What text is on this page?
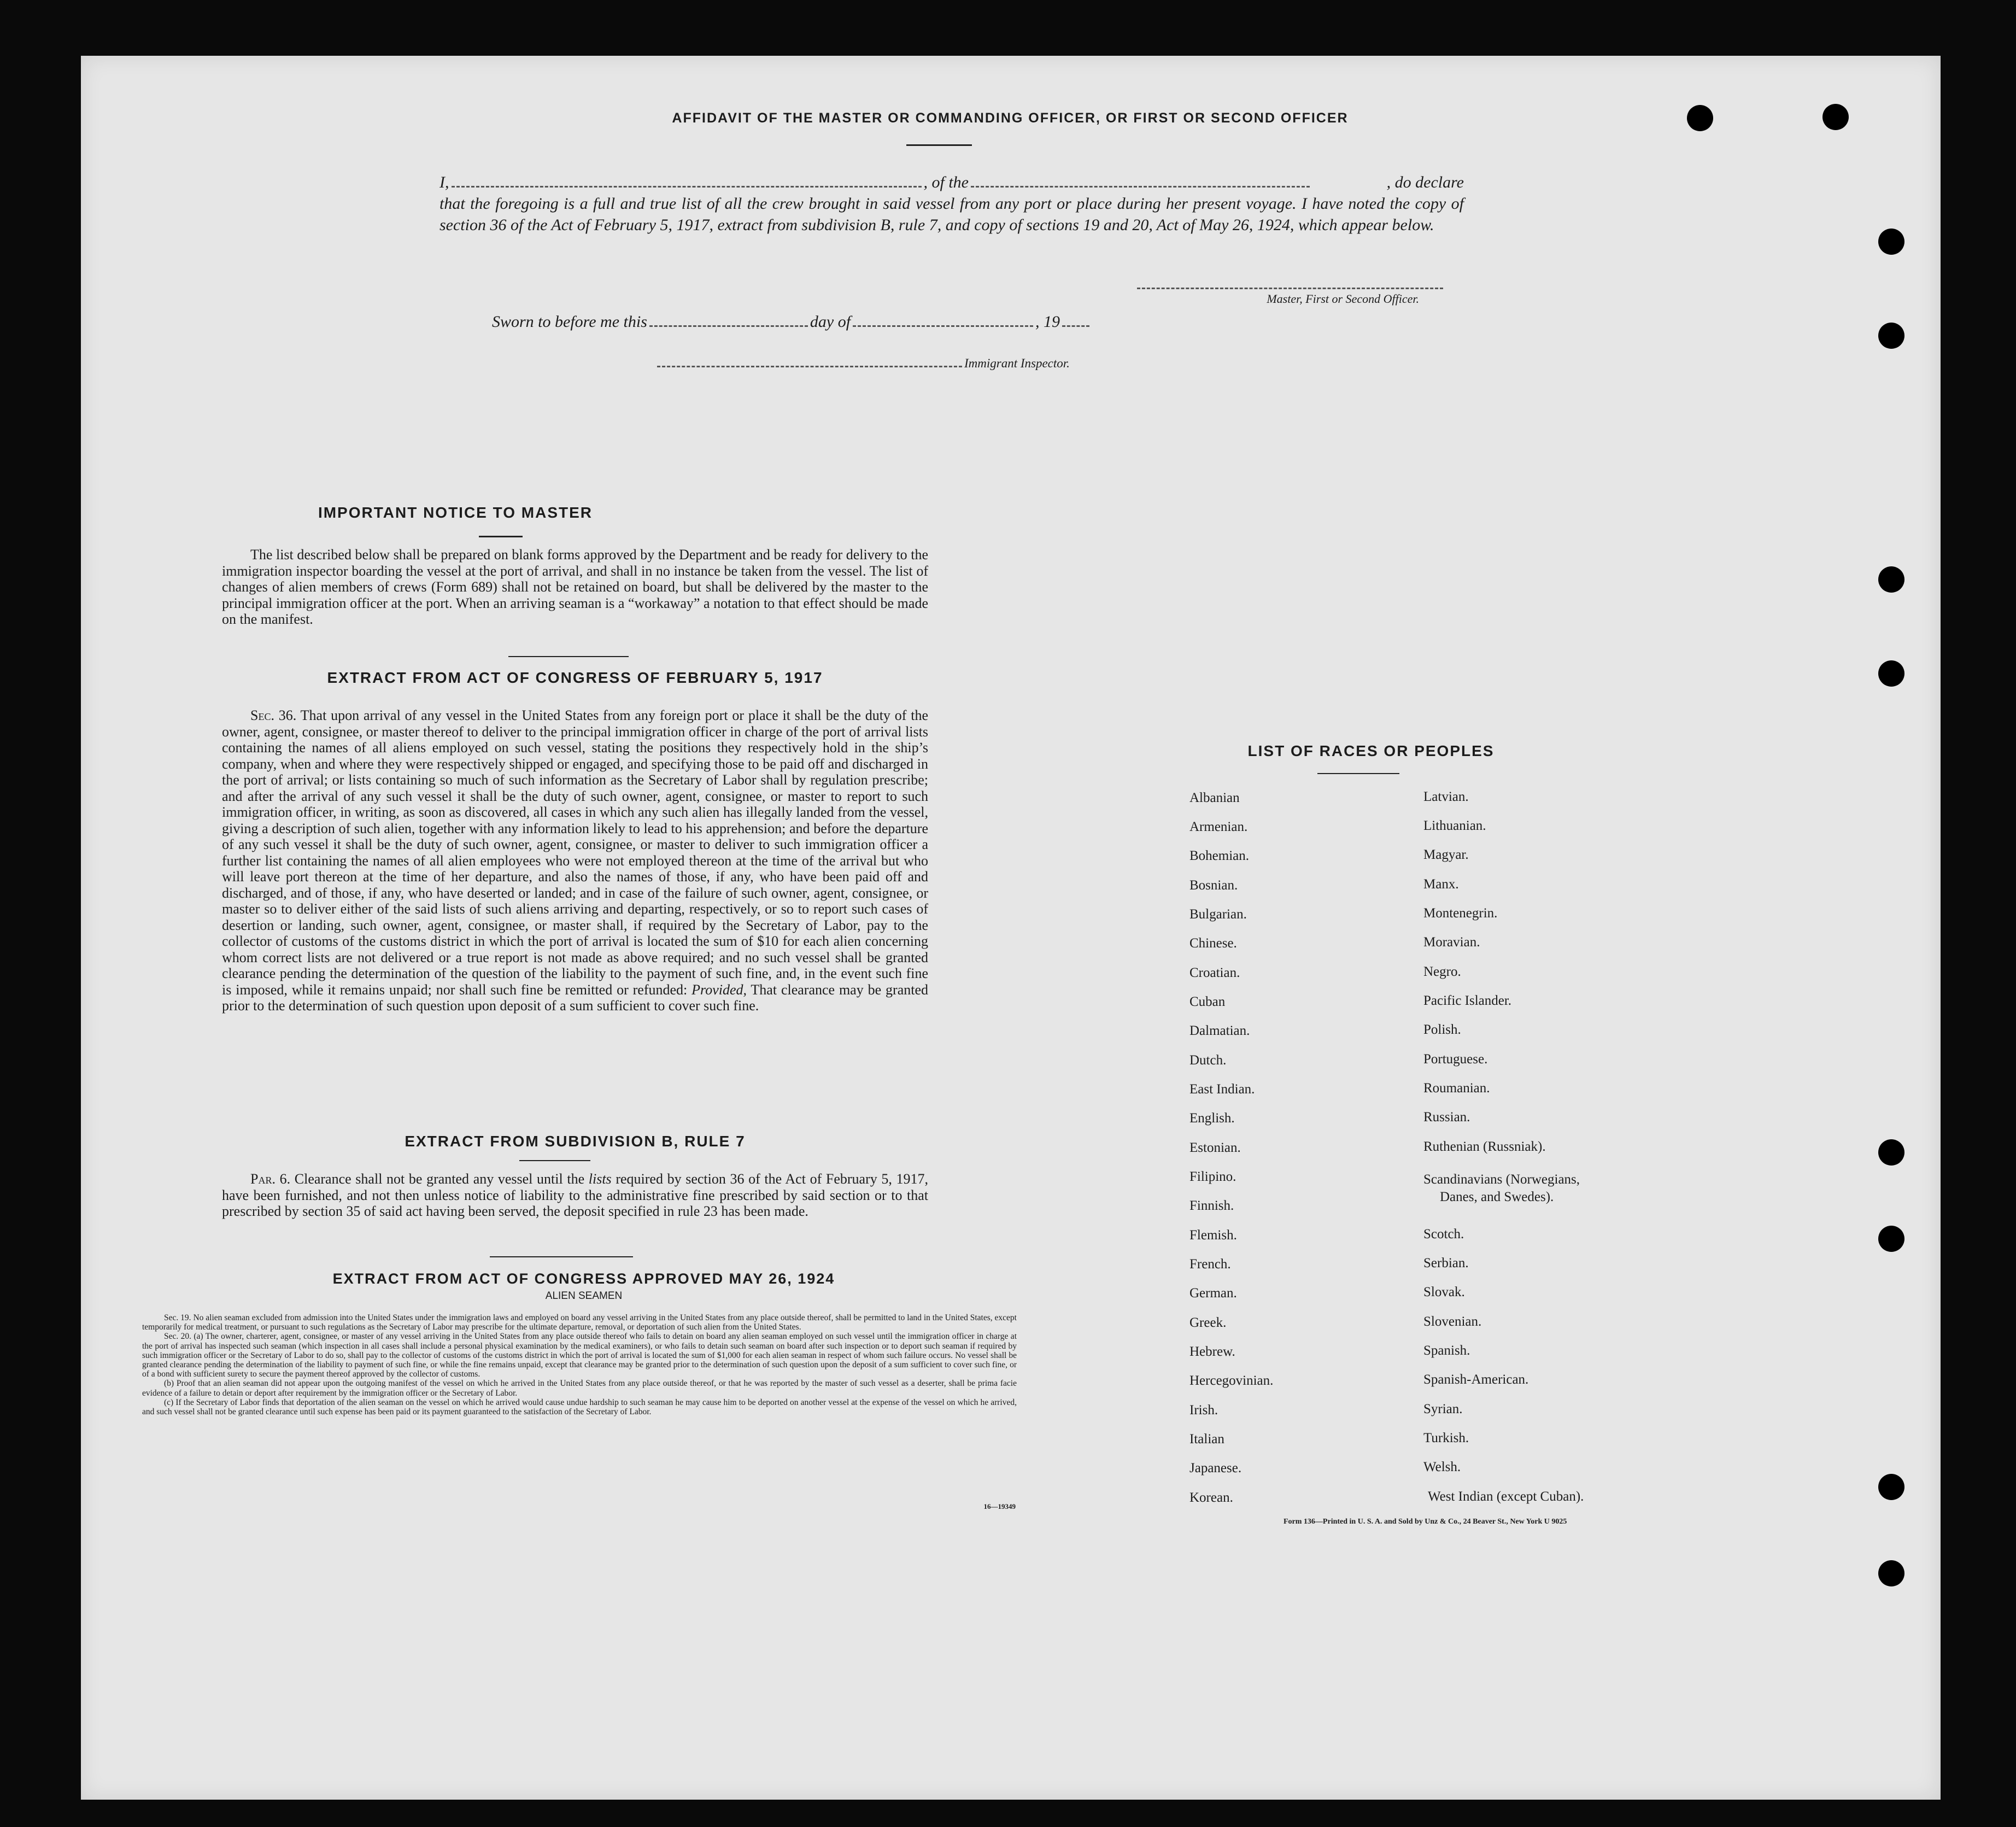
AFFIDAVIT OF THE MASTER OR COMMANDING OFFICER, OR FIRST OR SECOND OFFICER
I,	, of the	, do declare
that the foregoing is a full and true list of all the crew brought in said vessel from any port or place during her present voyage. I have noted the copy of section 36 of the Act of February 5, 1917, extract from subdivision B, rule 7, and copy of sections 19 and 20, Act of May 26, 1924, which appear below.
Master, First or Second Officer.
Sworn to before me this	day of	, 19
Immigrant Inspector.
IMPORTANT NOTICE TO MASTER

The list described below shall be prepared on blank forms approved by the Department and be ready for delivery to the immigration inspector boarding the vessel at the port of arrival, and shall in no instance be taken from the vessel. The list of changes of alien members of crews (Form 689) shall not be retained on board, but shall be delivered by the master to the principal immigration officer at the port. When an arriving seaman is a “workaway” a notation to that effect should be made on the manifest.

EXTRACT FROM ACT OF CONGRESS OF FEBRUARY 5, 1917

Sec. 36. That upon arrival of any vessel in the United States from any foreign port or place it shall be the duty of the owner, agent, consignee, or master thereof to deliver to the principal immigration officer in charge of the port of arrival lists containing the names of all aliens employed on such vessel, stating the positions they respectively hold in the ship’s company, when and where they were respectively shipped or engaged, and specifying those to be paid off and discharged in the port of arrival; or lists containing so much of such information as the Secretary of Labor shall by regulation prescribe; and after the arrival of any such vessel it shall be the duty of such owner, agent, consignee, or master to report to such immigration officer, in writing, as soon as discovered, all cases in which any such alien has illegally landed from the vessel, giving a description of such alien, together with any information likely to lead to his apprehension; and before the departure of any such vessel it shall be the duty of such owner, agent, consignee, or master to deliver to such immigration officer a further list containing the names of all alien employees who were not employed thereon at the time of the arrival but who will leave port thereon at the time of her departure, and also the names of those, if any, who have been paid off and discharged, and of those, if any, who have deserted or landed; and in case of the failure of such owner, agent, consignee, or master so to deliver either of the said lists of such aliens arriving and departing, respectively, or so to report such cases of desertion or landing, such owner, agent, consignee, or master shall, if required by the Secretary of Labor, pay to the collector of customs of the customs district in which the port of arrival is located the sum of $10 for each alien concerning whom correct lists are not delivered or a true report is not made as above required; and no such vessel shall be granted clearance pending the determination of the question of the liability to the payment of such fine, and, in the event such fine is imposed, while it remains unpaid; nor shall such fine be remitted or refunded: Provided, That clearance may be granted prior to the determination of such question upon deposit of a sum sufficient to cover such fine.

EXTRACT FROM SUBDIVISION B, RULE 7

Par. 6. Clearance shall not be granted any vessel until the lists required by section 36 of the Act of February 5, 1917, have been furnished, and not then unless notice of liability to the administrative fine prescribed by said section or to that prescribed by section 35 of said act having been served, the deposit specified in rule 23 has been made.

EXTRACT FROM ACT OF CONGRESS APPROVED MAY 26, 1924
ALIEN SEAMEN

Sec. 19. No alien seaman excluded from admission into the United States under the immigration laws and employed on board any vessel arriving in the United States from any place outside thereof, shall be permitted to land in the United States, except temporarily for medical treatment, or pursuant to such regulations as the Secretary of Labor may prescribe for the ultimate departure, removal, or deportation of such alien from the United States.

Sec. 20. (a) The owner, charterer, agent, consignee, or master of any vessel arriving in the United States from any place outside thereof who fails to detain on board any alien seaman employed on such vessel until the immigration officer in charge at the port of arrival has inspected such seaman (which inspection in all cases shall include a personal physical examination by the medical examiners), or who fails to detain such seaman on board after such inspection or to deport such seaman if required by such immigration officer or the Secretary of Labor to do so, shall pay to the collector of customs of the customs district in which the port of arrival is located the sum of $1,000 for each alien seaman in respect of whom such failure occurs. No vessel shall be granted clearance pending the determination of the liability to payment of such fine, or while the fine remains unpaid, except that clearance may be granted prior to the determination of such question upon the deposit of a sum sufficient to cover such fine, or of a bond with sufficient surety to secure the payment thereof approved by the collector of customs.

(b) Proof that an alien seaman did not appear upon the outgoing manifest of the vessel on which he arrived in the United States from any place outside thereof, or that he was reported by the master of such vessel as a deserter, shall be prima facie evidence of a failure to detain or deport after requirement by the immigration officer or the Secretary of Labor.

(c) If the Secretary of Labor finds that deportation of the alien seaman on the vessel on which he arrived would cause undue hardship to such seaman he may cause him to be deported on another vessel at the expense of the vessel on which he arrived, and such vessel shall not be granted clearance until such expense has been paid or its payment guaranteed to the satisfaction of the Secretary of Labor.

16—19349
LIST OF RACES OR PEOPLES
Albanian
Armenian.
Bohemian.
Bosnian.
Bulgarian.
Chinese.
Croatian.
Cuban
Dalmatian.
Dutch.
East Indian.
English.
Estonian.
Filipino.
Finnish.
Flemish.
French.
German.
Greek.
Hebrew.
Hercegovinian.
Irish.
Italian
Japanese.
Korean.
Latvian.
Lithuanian.
Magyar.
Manx.
Montenegrin.
Moravian.
Negro.
Pacific Islander.
Polish.
Portuguese.
Roumanian.
Russian.
Ruthenian (Russniak).
Scandinavians (Norwegians,
Danes, and Swedes).
Scotch.
Serbian.
Slovak.
Slovenian.
Spanish.
Spanish-American.
Syrian.
Turkish.
Welsh.
West Indian (except Cuban).
Form 136—Printed in U. S. A. and Sold by Unz & Co., 24 Beaver St., New York U 9025
